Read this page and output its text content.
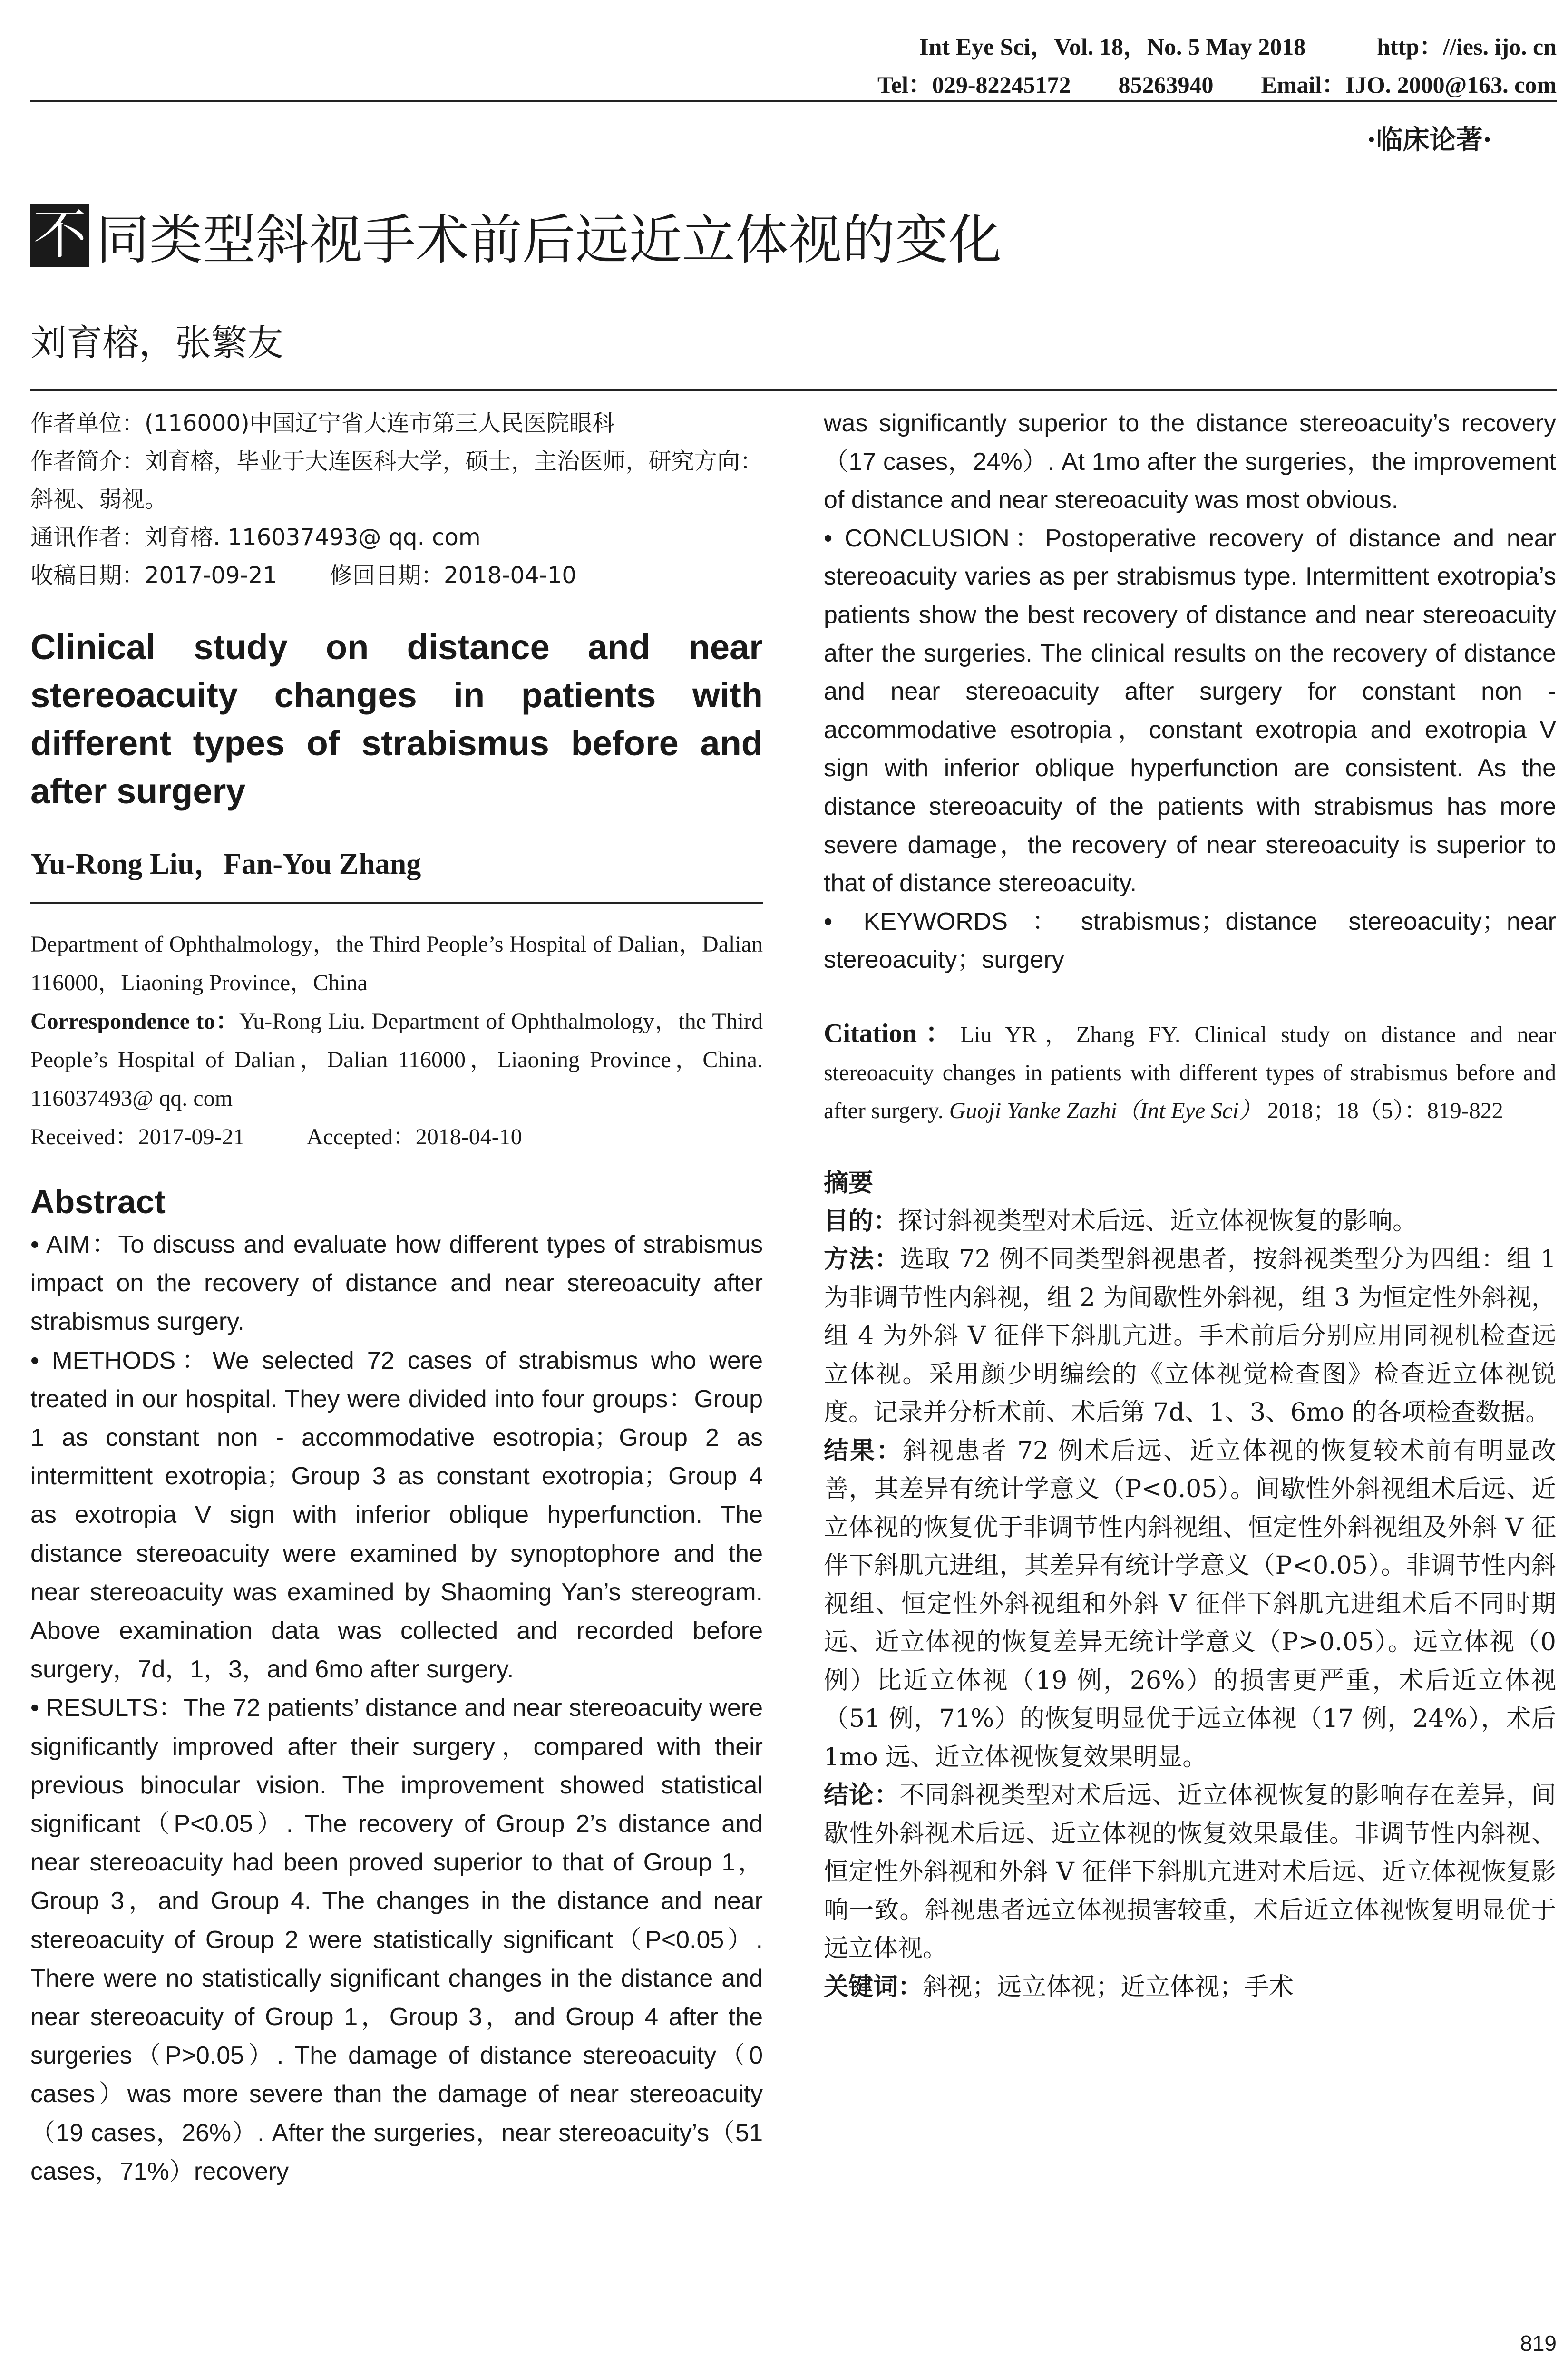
Int Eye Sci，Vol. 18，No. 5 May 2018　　　http：//ies. ijo. cn
Tel：029-82245172　　85263940　　Email：IJO. 2000@163. com
·临床论著·
不 同类型斜视手术前后远近立体视的变化
刘育榕，张繁友

作者单位：(116000)中国辽宁省大连市第三人民医院眼科

作者简介：刘育榕，毕业于大连医科大学，硕士，主治医师，研究方向：斜视、弱视。

通讯作者：刘育榕. 116037493@ qq. com

收稿日期：2017-09-21 修回日期：2018-04-10

Clinical study on distance and near stereoacuity changes in patients with different types of strabismus before and after surgery
Yu-Rong Liu，Fan-You Zhang
Department of Ophthalmology，the Third People’s Hospital of Dalian，Dalian 116000，Liaoning Province，China
Correspondence to：Yu-Rong Liu. Department of Ophthalmology，the Third People’s Hospital of Dalian，Dalian 116000，Liaoning Province，China. 116037493@ qq. com
Received：2017-09-21	Accepted：2018-04-10
Abstract
• AIM：To discuss and evaluate how different types of strabismus impact on the recovery of distance and near stereoacuity after strabismus surgery.
• METHODS：We selected 72 cases of strabismus who were treated in our hospital. They were divided into four groups：Group 1 as constant non - accommodative esotropia；Group 2 as intermittent exotropia；Group 3 as constant exotropia；Group 4 as exotropia V sign with inferior oblique hyperfunction. The distance stereoacuity were examined by synoptophore and the near stereoacuity was examined by Shaoming Yan’s stereogram. Above examination data was collected and recorded before surgery，7d，1，3，and 6mo after surgery.
• RESULTS：The 72 patients’ distance and near stereoacuity were significantly improved after their surgery，compared with their previous binocular vision. The improvement showed statistical significant（P<0.05）. The recovery of Group 2’s distance and near stereoacuity had been proved superior to that of Group 1，Group 3，and Group 4. The changes in the distance and near stereoacuity of Group 2 were statistically significant（P<0.05）. There were no statistically significant changes in the distance and near stereoacuity of Group 1，Group 3，and Group 4 after the surgeries（P>0.05）. The damage of distance stereoacuity（0 cases）was more severe than the damage of near stereoacuity（19 cases，26%）. After the surgeries，near stereoacuity’s（51 cases，71%）recovery
was significantly superior to the distance stereoacuity’s recovery（17 cases，24%）. At 1mo after the surgeries，the improvement of distance and near stereoacuity was most obvious.
• CONCLUSION：Postoperative recovery of distance and near stereoacuity varies as per strabismus type. Intermittent exotropia’s patients show the best recovery of distance and near stereoacuity after the surgeries. The clinical results on the recovery of distance and near stereoacuity after surgery for constant non - accommodative esotropia，constant exotropia and exotropia V sign with inferior oblique hyperfunction are consistent. As the distance stereoacuity of the patients with strabismus has more severe damage，the recovery of near stereoacuity is superior to that of distance stereoacuity.
• KEYWORDS：strabismus；distance stereoacuity；near stereoacuity；surgery
Citation：Liu YR，Zhang FY. Clinical study on distance and near stereoacuity changes in patients with different types of strabismus before and after surgery. Guoji Yanke Zazhi（Int Eye Sci） 2018；18（5）：819-822
摘要
目的：探讨斜视类型对术后远、近立体视恢复的影响。
方法：选取 72 例不同类型斜视患者，按斜视类型分为四组：组 1 为非调节性内斜视，组 2 为间歇性外斜视，组 3 为恒定性外斜视，组 4 为外斜 V 征伴下斜肌亢进。手术前后分别应用同视机检查远立体视。采用颜少明编绘的《立体视觉检查图》检查近立体视锐度。记录并分析术前、术后第 7d、1、3、6mo 的各项检查数据。
结果：斜视患者 72 例术后远、近立体视的恢复较术前有明显改善，其差异有统计学意义（P<0.05）。间歇性外斜视组术后远、近立体视的恢复优于非调节性内斜视组、恒定性外斜视组及外斜 V 征伴下斜肌亢进组，其差异有统计学意义（P<0.05）。非调节性内斜视组、恒定性外斜视组和外斜 V 征伴下斜肌亢进组术后不同时期远、近立体视的恢复差异无统计学意义（P>0.05）。远立体视（0 例）比近立体视（19 例，26%）的损害更严重，术后近立体视（51 例，71%）的恢复明显优于远立体视（17 例，24%），术后 1mo 远、近立体视恢复效果明显。
结论：不同斜视类型对术后远、近立体视恢复的影响存在差异，间歇性外斜视术后远、近立体视的恢复效果最佳。非调节性内斜视、恒定性外斜视和外斜 V 征伴下斜肌亢进对术后远、近立体视恢复影响一致。斜视患者远立体视损害较重，术后近立体视恢复明显优于远立体视。
关键词：斜视；远立体视；近立体视；手术
819
